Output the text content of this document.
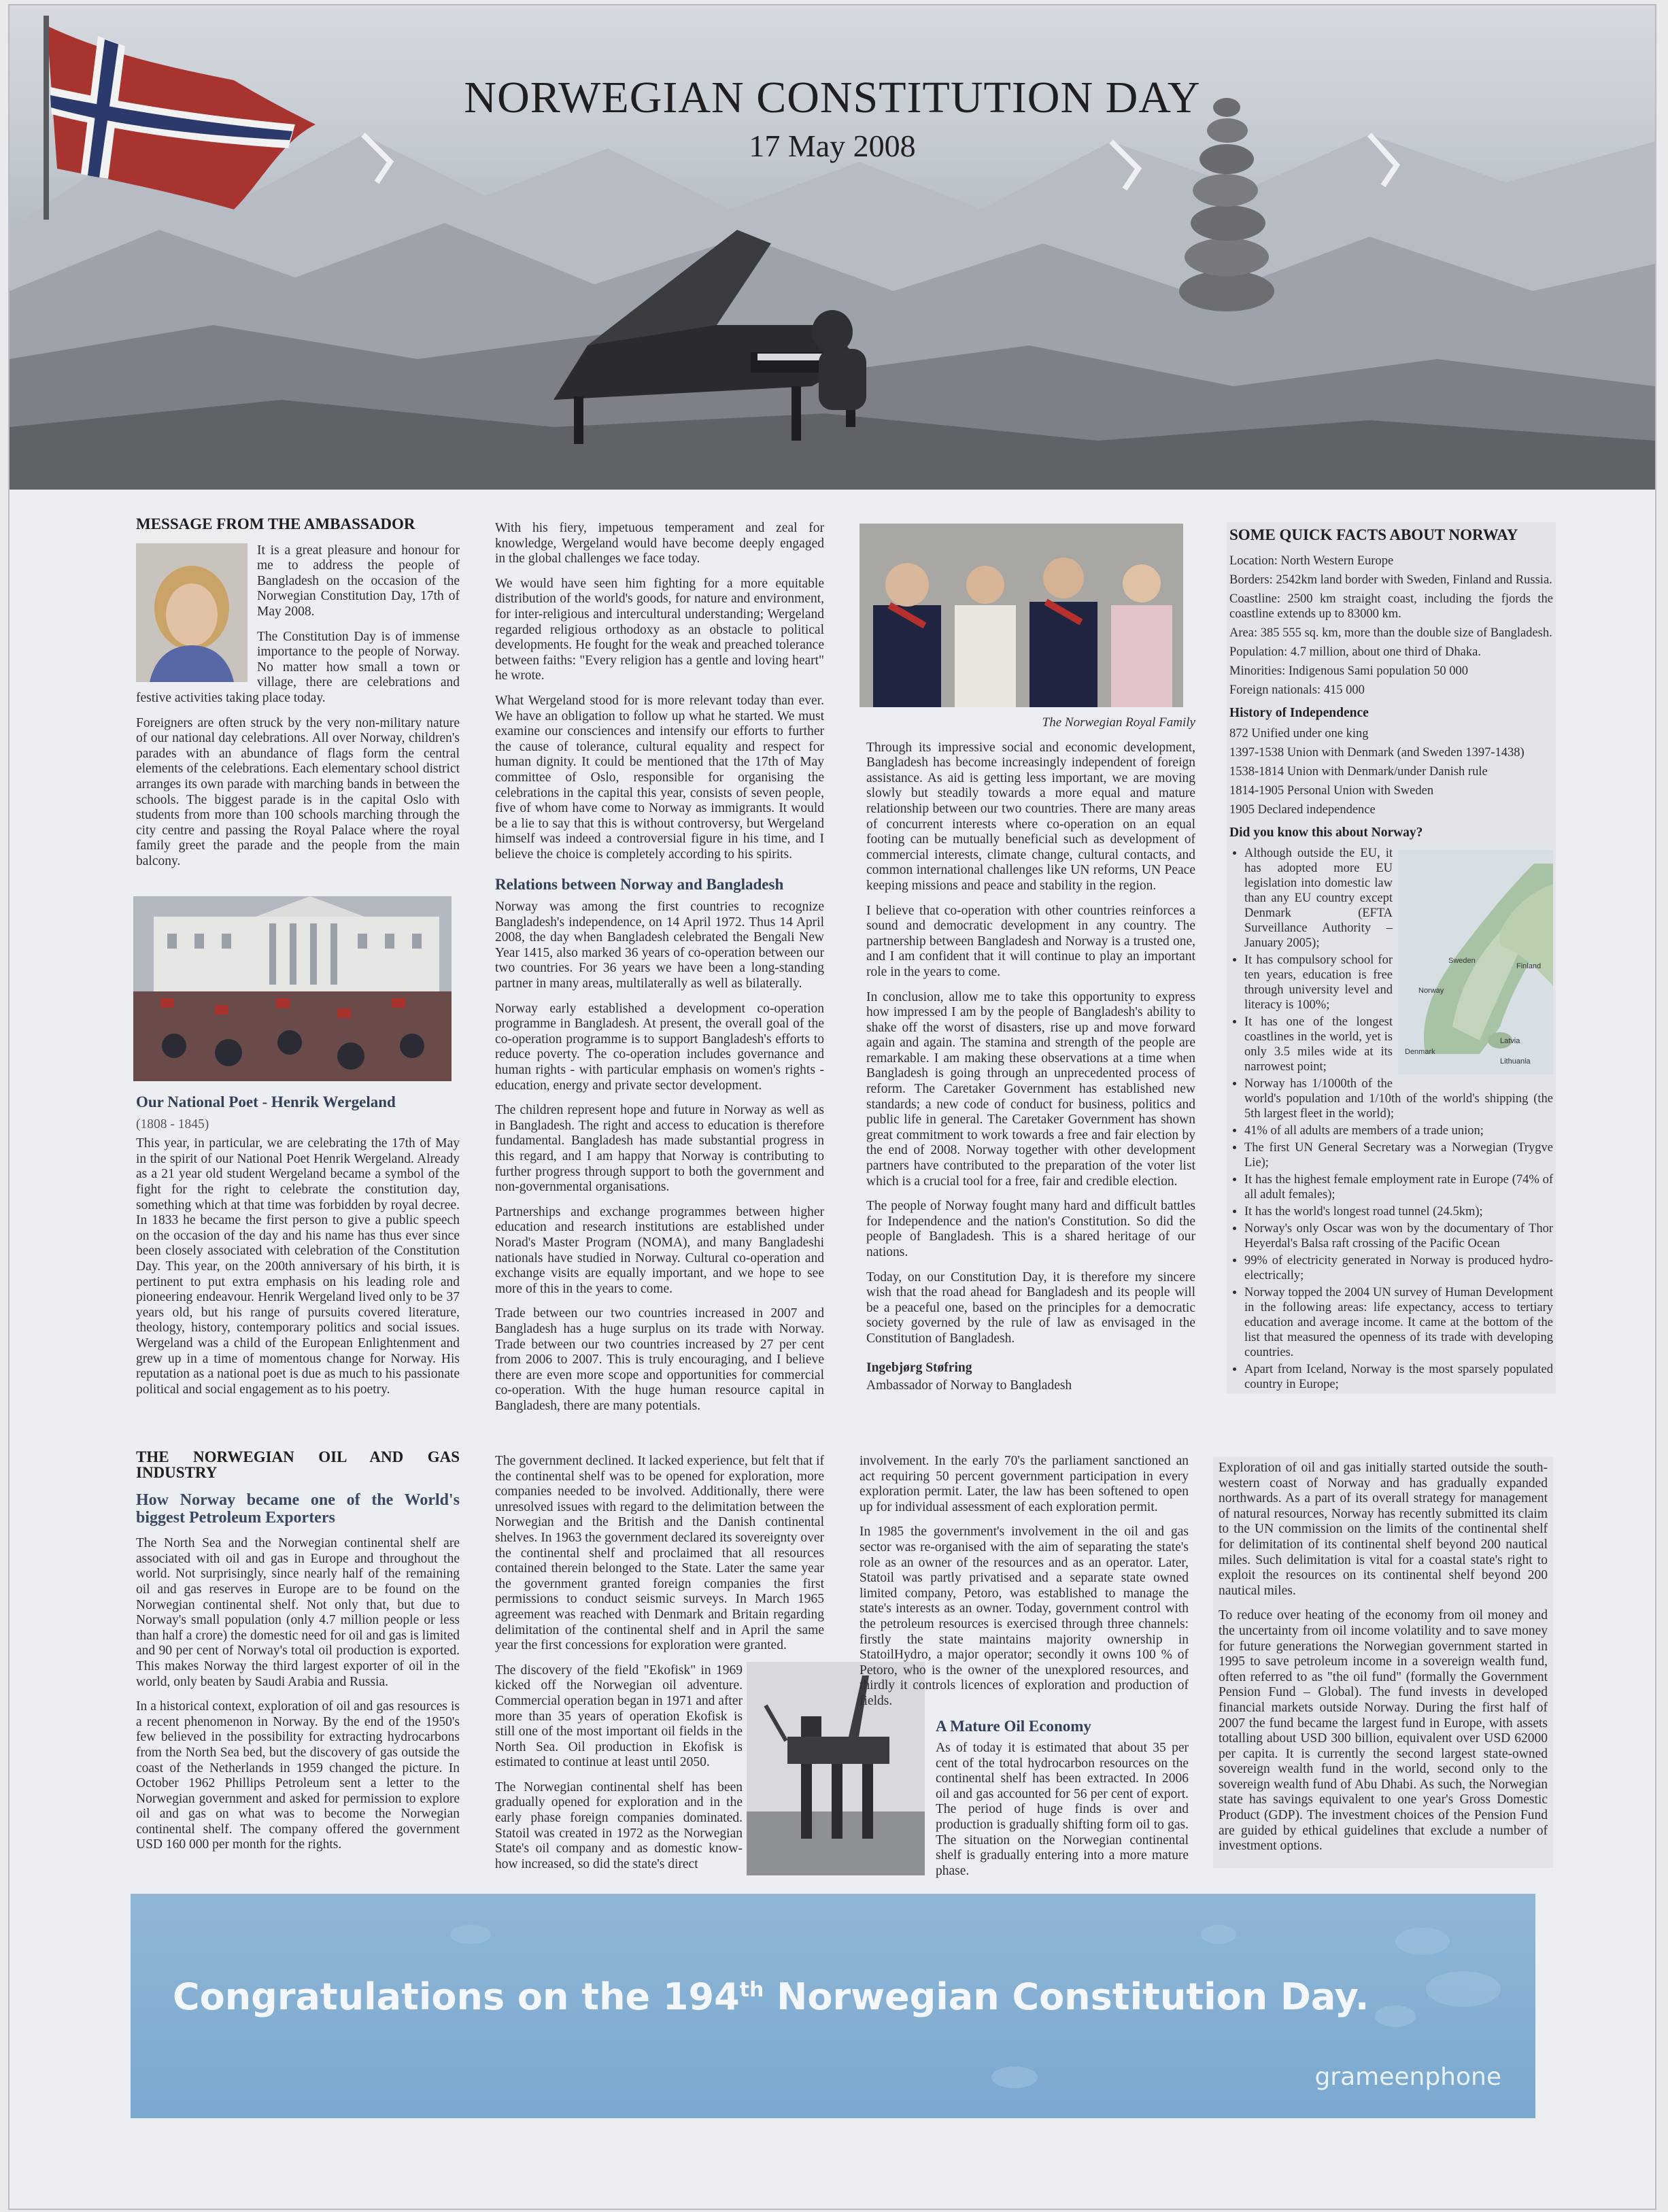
NORWEGIAN CONSTITUTION DAY
17 May 2008
MESSAGE FROM THE AMBASSADOR

It is a great pleasure and honour for me to address the people of Bangladesh on the occasion of the Norwegian Constitution Day, 17th of May 2008.

The Constitution Day is of immense importance to the people of Norway. No matter how small a town or village, there are celebrations and festive activities taking place today.

Foreigners are often struck by the very non-military nature of our national day celebrations. All over Norway, children's parades with an abundance of flags form the central elements of the celebrations. Each elementary school district arranges its own parade with marching bands in between the schools. The biggest parade is in the capital Oslo with students from more than 100 schools marching through the city centre and passing the Royal Palace where the royal family greet the parade and the people from the main balcony.

Our National Poet - Henrik Wergeland
(1808 - 1845)

This year, in particular, we are celebrating the 17th of May in the spirit of our National Poet Henrik Wergeland. Already as a 21 year old student Wergeland became a symbol of the fight for the right to celebrate the constitution day, something which at that time was forbidden by royal decree. In 1833 he became the first person to give a public speech on the occasion of the day and his name has thus ever since been closely associated with celebration of the Constitution Day. This year, on the 200th anniversary of his birth, it is pertinent to put extra emphasis on his leading role and pioneering endeavour. Henrik Wergeland lived only to be 37 years old, but his range of pursuits covered literature, theology, history, contemporary politics and social issues. Wergeland was a child of the European Enlightenment and grew up in a time of momentous change for Norway. His reputation as a national poet is due as much to his passionate political and social engagement as to his poetry.

With his fiery, impetuous temperament and zeal for knowledge, Wergeland would have become deeply engaged in the global challenges we face today.

We would have seen him fighting for a more equitable distribution of the world's goods, for nature and environment, for inter-religious and intercultural understanding; Wergeland regarded religious orthodoxy as an obstacle to political developments. He fought for the weak and preached tolerance between faiths: "Every religion has a gentle and loving heart" he wrote.

What Wergeland stood for is more relevant today than ever. We have an obligation to follow up what he started. We must examine our consciences and intensify our efforts to further the cause of tolerance, cultural equality and respect for human dignity. It could be mentioned that the 17th of May committee of Oslo, responsible for organising the celebrations in the capital this year, consists of seven people, five of whom have come to Norway as immigrants. It would be a lie to say that this is without controversy, but Wergeland himself was indeed a controversial figure in his time, and I believe the choice is completely according to his spirits.

Relations between Norway and Bangladesh

Norway was among the first countries to recognize Bangladesh's independence, on 14 April 1972. Thus 14 April 2008, the day when Bangladesh celebrated the Bengali New Year 1415, also marked 36 years of co-operation between our two countries. For 36 years we have been a long-standing partner in many areas, multilaterally as well as bilaterally.

Norway early established a development co-operation programme in Bangladesh. At present, the overall goal of the co-operation programme is to support Bangladesh's efforts to reduce poverty. The co-operation includes governance and human rights - with particular emphasis on women's rights - education, energy and private sector development.

The children represent hope and future in Norway as well as in Bangladesh. The right and access to education is therefore fundamental. Bangladesh has made substantial progress in this regard, and I am happy that Norway is contributing to further progress through support to both the government and non-governmental organisations.

Partnerships and exchange programmes between higher education and research institutions are established under Norad's Master Program (NOMA), and many Bangladeshi nationals have studied in Norway. Cultural co-operation and exchange visits are equally important, and we hope to see more of this in the years to come.

Trade between our two countries increased in 2007 and Bangladesh has a huge surplus on its trade with Norway. Trade between our two countries increased by 27 per cent from 2006 to 2007. This is truly encouraging, and I believe there are even more scope and opportunities for commercial co-operation. With the huge human resource capital in Bangladesh, there are many potentials.

The Norwegian Royal Family

Through its impressive social and economic development, Bangladesh has become increasingly independent of foreign assistance. As aid is getting less important, we are moving slowly but steadily towards a more equal and mature relationship between our two countries. There are many areas of concurrent interests where co-operation on an equal footing can be mutually beneficial such as development of commercial interests, climate change, cultural contacts, and common international challenges like UN reforms, UN Peace keeping missions and peace and stability in the region.

I believe that co-operation with other countries reinforces a sound and democratic development in any country. The partnership between Bangladesh and Norway is a trusted one, and I am confident that it will continue to play an important role in the years to come.

In conclusion, allow me to take this opportunity to express how impressed I am by the people of Bangladesh's ability to shake off the worst of disasters, rise up and move forward again and again. The stamina and strength of the people are remarkable. I am making these observations at a time when Bangladesh is going through an unprecedented process of reform. The Caretaker Government has established new standards; a new code of conduct for business, politics and public life in general. The Caretaker Government has shown great commitment to work towards a free and fair election by the end of 2008. Norway together with other development partners have contributed to the preparation of the voter list which is a crucial tool for a free, fair and credible election.

The people of Norway fought many hard and difficult battles for Independence and the nation's Constitution. So did the people of Bangladesh. This is a shared heritage of our nations.

Today, on our Constitution Day, it is therefore my sincere wish that the road ahead for Bangladesh and its people will be a peaceful one, based on the principles for a democratic society governed by the rule of law as envisaged in the Constitution of Bangladesh.

Ingebjørg Støfring
Ambassador of Norway to Bangladesh
SOME QUICK FACTS ABOUT NORWAY
Location: North Western Europe
Borders: 2542km land border with Sweden, Finland and Russia.
Coastline: 2500 km straight coast, including the fjords the coastline extends up to 83000 km.
Area: 385 555 sq. km, more than the double size of Bangladesh.
Population: 4.7 million, about one third of Dhaka.
Minorities: Indigenous Sami population 50 000
Foreign nationals: 415 000
History of Independence
872 Unified under one king
1397-1538 Union with Denmark (and Sweden 1397-1438)
1538-1814 Union with Denmark/under Danish rule
1814-1905 Personal Union with Sweden
1905 Declared independence
Did you know this about Norway?
Sweden
Finland
Norway
Denmark
Latvia
Lithuania
• Although outside the EU, it has adopted more EU legislation into domestic law than any EU country except Denmark (EFTA Surveillance Authority – January 2005);
• It has compulsory school for ten years, education is free through university level and literacy is 100%;
• It has one of the longest coastlines in the world, yet is only 3.5 miles wide at its narrowest point;
• Norway has 1/1000th of the world's population and 1/10th of the world's shipping (the 5th largest fleet in the world);
• 41% of all adults are members of a trade union;
• The first UN General Secretary was a Norwegian (Trygve Lie);
• It has the highest female employment rate in Europe (74% of all adult females);
• It has the world's longest road tunnel (24.5km);
• Norway's only Oscar was won by the documentary of Thor Heyerdal's Balsa raft crossing of the Pacific Ocean
• 99% of electricity generated in Norway is produced hydro-electrically;
• Norway topped the 2004 UN survey of Human Development in the following areas: life expectancy, access to tertiary education and average income. It came at the bottom of the list that measured the openness of its trade with developing countries.
• Apart from Iceland, Norway is the most sparsely populated country in Europe;
THE NORWEGIAN OIL AND GAS INDUSTRY
How Norway became one of the World's biggest Petroleum Exporters

The North Sea and the Norwegian continental shelf are associated with oil and gas in Europe and throughout the world. Not surprisingly, since nearly half of the remaining oil and gas reserves in Europe are to be found on the Norwegian continental shelf. Not only that, but due to Norway's small population (only 4.7 million people or less than half a crore) the domestic need for oil and gas is limited and 90 per cent of Norway's total oil production is exported. This makes Norway the third largest exporter of oil in the world, only beaten by Saudi Arabia and Russia.

In a historical context, exploration of oil and gas resources is a recent phenomenon in Norway. By the end of the 1950's few believed in the possibility for extracting hydrocarbons from the North Sea bed, but the discovery of gas outside the coast of the Netherlands in 1959 changed the picture. In October 1962 Phillips Petroleum sent a letter to the Norwegian government and asked for permission to explore oil and gas on what was to become the Norwegian continental shelf. The company offered the government USD 160 000 per month for the rights.

The government declined. It lacked experience, but felt that if the continental shelf was to be opened for exploration, more companies needed to be involved. Additionally, there were unresolved issues with regard to the delimitation between the Norwegian and the British and the Danish continental shelves. In 1963 the government declared its sovereignty over the continental shelf and proclaimed that all resources contained therein belonged to the State. Later the same year the government granted foreign companies the first permissions to conduct seismic surveys. In March 1965 agreement was reached with Denmark and Britain regarding delimitation of the continental shelf and in April the same year the first concessions for exploration were granted.

The discovery of the field "Ekofisk" in 1969 kicked off the Norwegian oil adventure. Commercial operation began in 1971 and after more than 35 years of operation Ekofisk is still one of the most important oil fields in the North Sea. Oil production in Ekofisk is estimated to continue at least until 2050.

The Norwegian continental shelf has been gradually opened for exploration and in the early phase foreign companies dominated. Statoil was created in 1972 as the Norwegian State's oil company and as domestic know-how increased, so did the state's direct

involvement. In the early 70's the parliament sanctioned an act requiring 50 percent government participation in every exploration permit. Later, the law has been softened to open up for individual assessment of each exploration permit.

In 1985 the government's involvement in the oil and gas sector was re-organised with the aim of separating the state's role as an owner of the resources and as an operator. Later, Statoil was partly privatised and a separate state owned limited company, Petoro, was established to manage the state's interests as an owner. Today, government control with the petroleum resources is exercised through three channels: firstly the state maintains majority ownership in StatoilHydro, a major operator; secondly it owns 100 % of Petoro, who is the owner of the unexplored resources, and thirdly it controls licences of exploration and production of fields.

A Mature Oil Economy

As of today it is estimated that about 35 per cent of the total hydrocarbon resources on the continental shelf has been extracted. In 2006 oil and gas accounted for 56 per cent of export. The period of huge finds is over and production is gradually shifting form oil to gas. The situation on the Norwegian continental shelf is gradually entering into a more mature phase.

Exploration of oil and gas initially started outside the south-western coast of Norway and has gradually expanded northwards. As a part of its overall strategy for management of natural resources, Norway has recently submitted its claim to the UN commission on the limits of the continental shelf for delimitation of its continental shelf beyond 200 nautical miles. Such delimitation is vital for a coastal state's right to exploit the resources on its continental shelf beyond 200 nautical miles.

To reduce over heating of the economy from oil money and the uncertainty from oil income volatility and to save money for future generations the Norwegian government started in 1995 to save petroleum income in a sovereign wealth fund, often referred to as "the oil fund" (formally the Government Pension Fund – Global). The fund invests in developed financial markets outside Norway. During the first half of 2007 the fund became the largest fund in Europe, with assets totalling about USD 300 billion, equivalent over USD 62000 per capita. It is currently the second largest state-owned sovereign wealth fund in the world, second only to the sovereign wealth fund of Abu Dhabi. As such, the Norwegian state has savings equivalent to one year's Gross Domestic Product (GDP). The investment choices of the Pension Fund are guided by ethical guidelines that exclude a number of investment options.

Congratulations on the 194th Norwegian Constitution Day.
grameenphone
